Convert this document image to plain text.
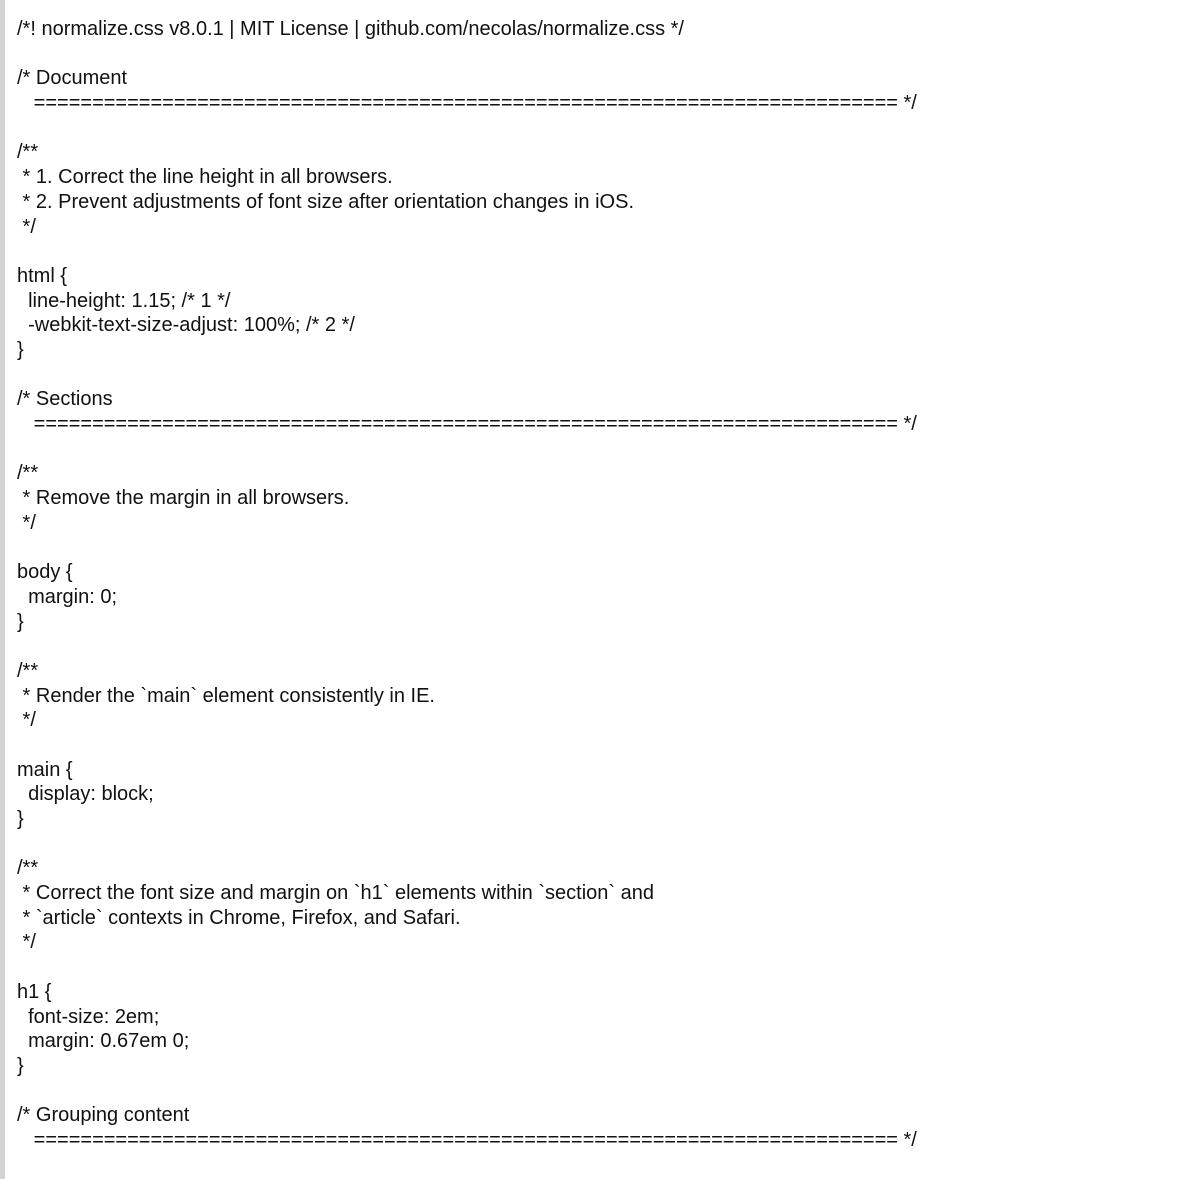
/*! normalize.css v8.0.1 | MIT License | github.com/necolas/normalize.css */
/* Document
========================================================================== */
/**
* 1. Correct the line height in all browsers.
* 2. Prevent adjustments of font size after orientation changes in iOS.
*/
html {
line-height: 1.15; /* 1 */
-webkit-text-size-adjust: 100%; /* 2 */
}
/* Sections
========================================================================== */
/**
* Remove the margin in all browsers.
*/
body {
margin: 0;
}
/**
* Render the `main` element consistently in IE.
*/
main {
display: block;
}
/**
* Correct the font size and margin on `h1` elements within `section` and
* `article` contexts in Chrome, Firefox, and Safari.
*/
h1 {
font-size: 2em;
margin: 0.67em 0;
}
/* Grouping content
========================================================================== */
